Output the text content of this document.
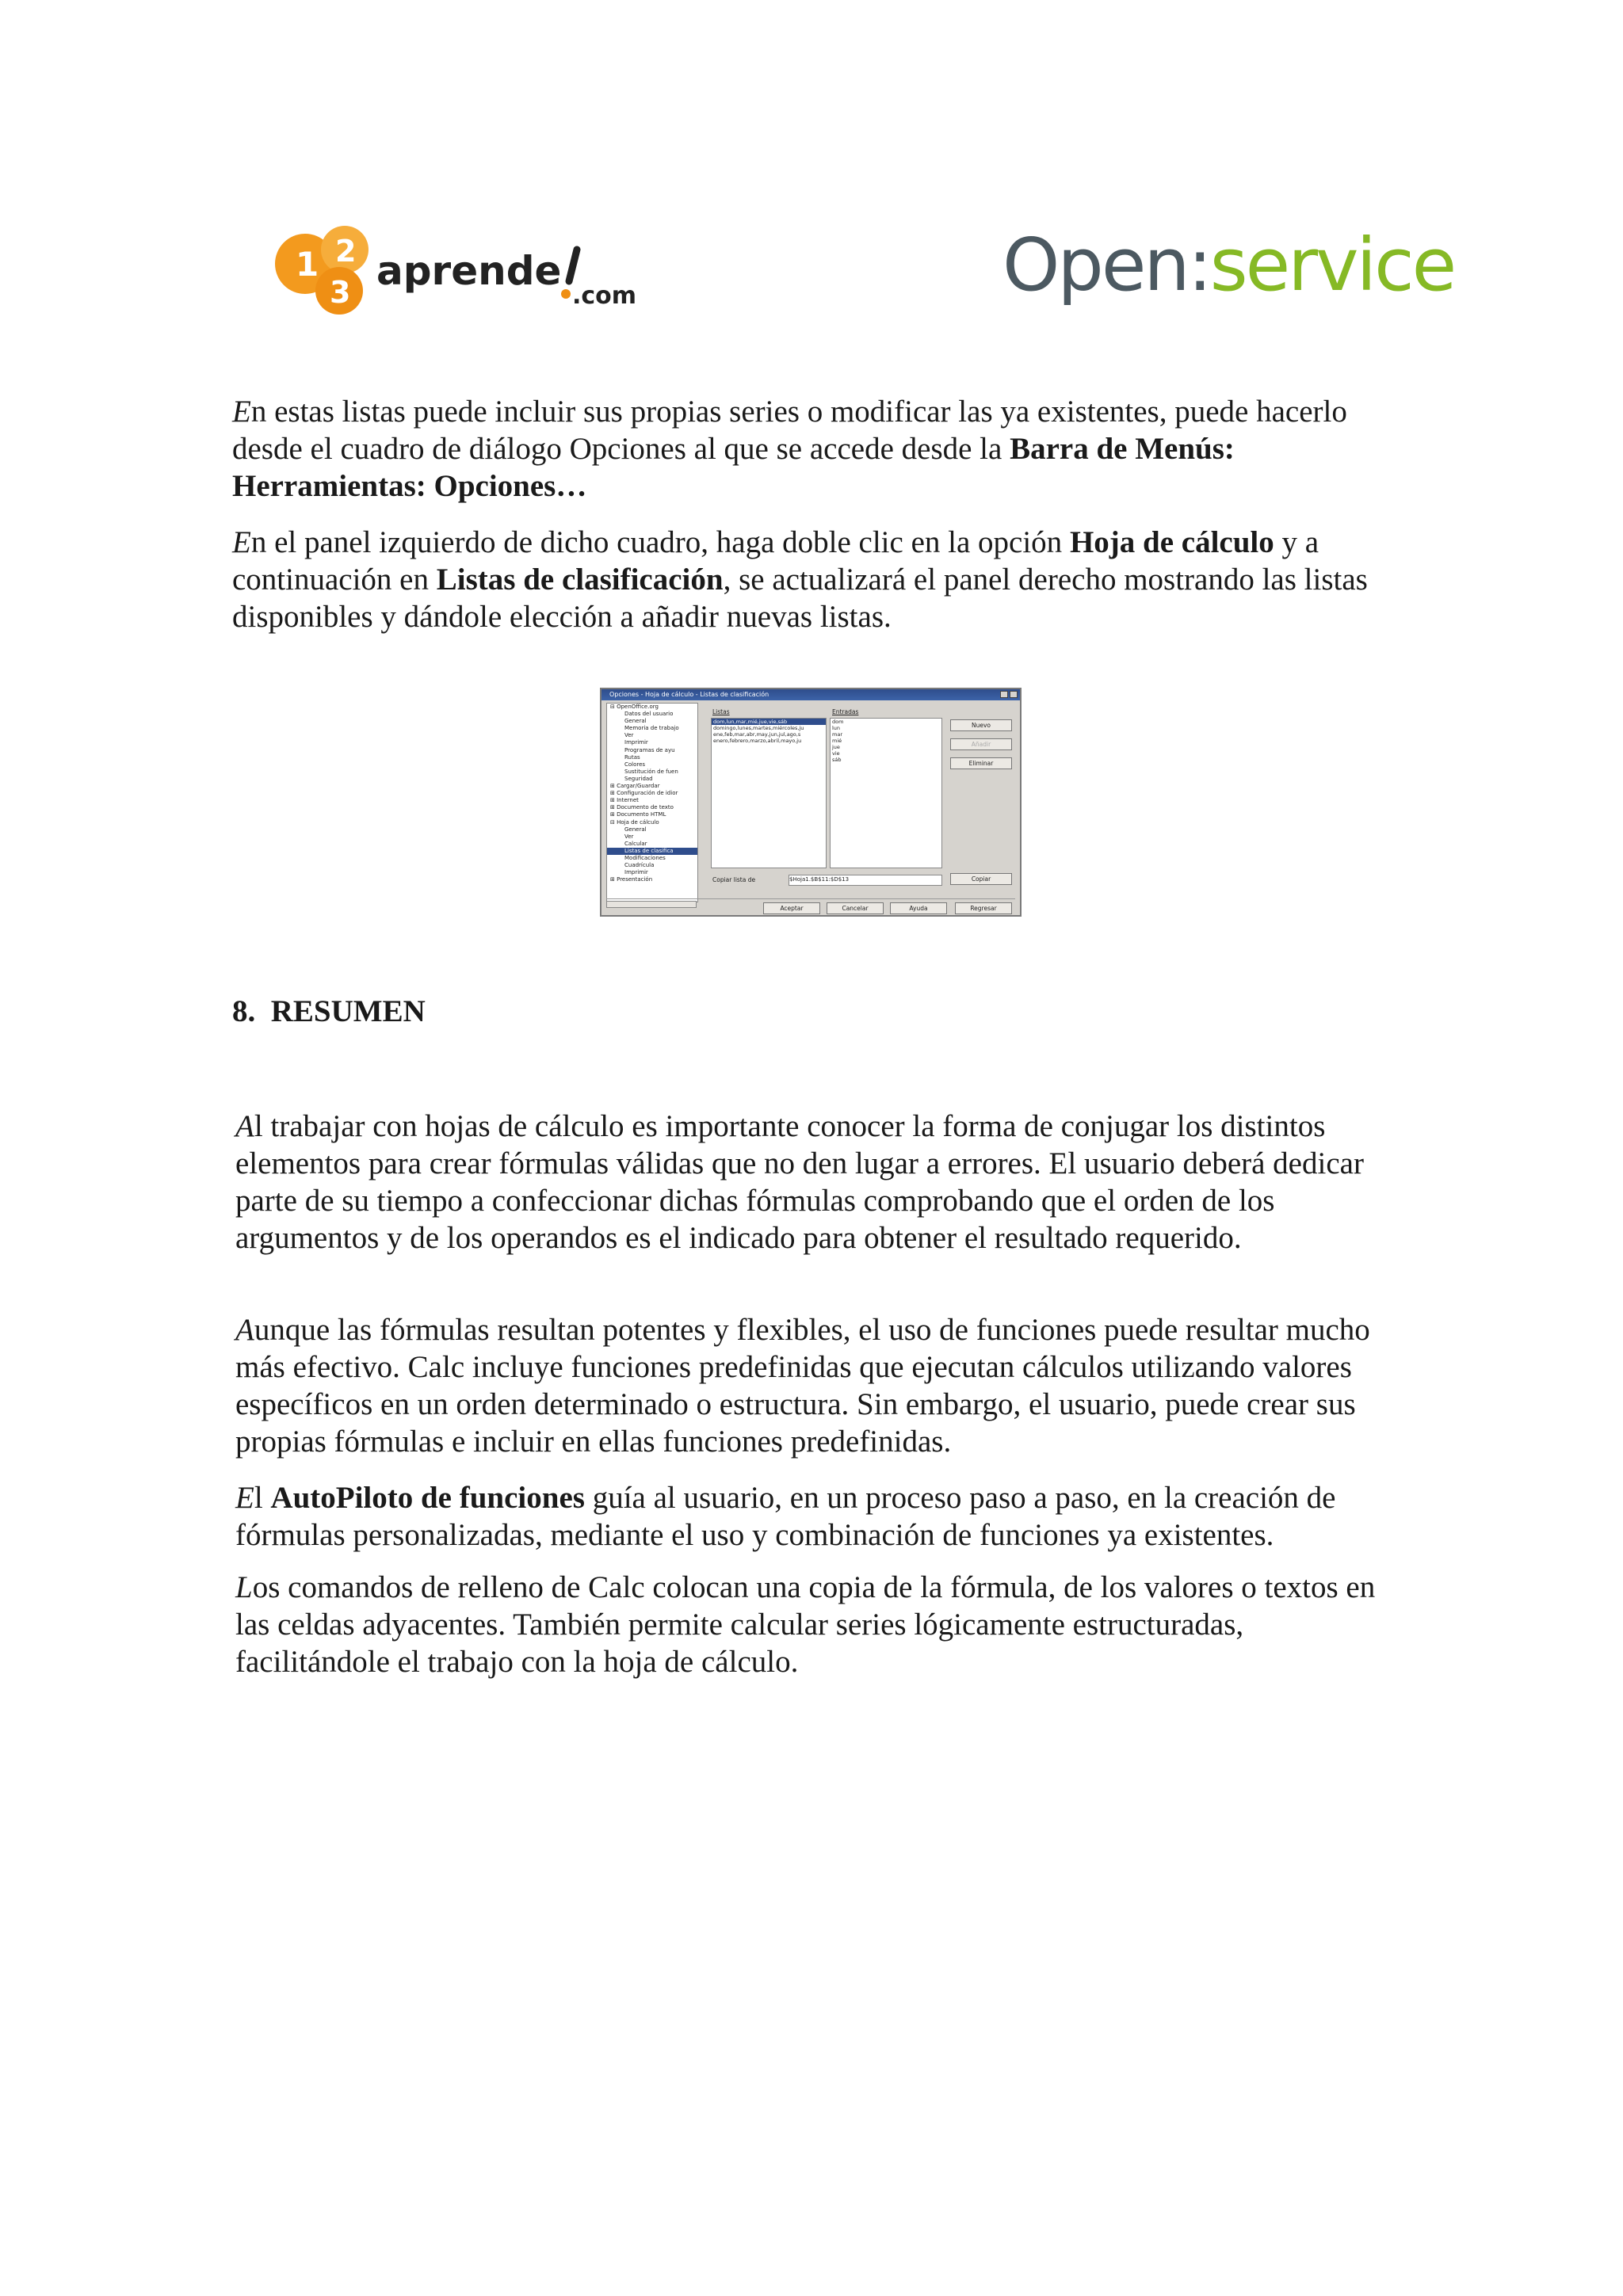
1 2
3 aprende
.com	Open:service

En estas listas puede incluir sus propias series o modificar las ya existentes, puede hacerlo desde el cuadro de diálogo Opciones al que se accede desde la Barra de Menús: Herramientas: Opciones…

En el panel izquierdo de dicho cuadro, haga doble clic en la opción Hoja de cálculo y a continuación en Listas de clasificación, se actualizará el panel derecho mostrando las listas disponibles y dándole elección a añadir nuevas listas.

Opciones - Hoja de cálculo - Listas de clasificación
⊟ OpenOffice.org
Datos del usuario
General
Memoria de trabajo
Ver
Imprimir
Programas de ayu
Rutas
Colores
Sustitución de fuen
Seguridad
⊞ Cargar/Guardar
⊞ Configuración de idior
⊞ Internet
⊞ Documento de texto
⊞ Documento HTML
⊟ Hoja de cálculo
General
Ver
Calcular
Listas de clasifica
Modificaciones
Cuadrícula
Imprimir
⊞ Presentación
Listas	Entradas
dom,lun,mar,mié,jue,vie,sáb
domingo,lunes,martes,miércoles,ju
ene,feb,mar,abr,may,jun,jul,ago,s
enero,febrero,marzo,abril,mayo,ju
dom
lun
mar
mié
jue
vie
sáb
Nuevo
Añadir
Eliminar
Copiar lista de	$Hoja1.$B$11:$D$13	Copiar
Aceptar	Cancelar	Ayuda	Regresar
8. RESUMEN

Al trabajar con hojas de cálculo es importante conocer la forma de conjugar los distintos elementos para crear fórmulas válidas que no den lugar a errores. El usuario deberá dedicar parte de su tiempo a confeccionar dichas fórmulas comprobando que el orden de los argumentos y de los operandos es el indicado para obtener el resultado requerido.

Aunque las fórmulas resultan potentes y flexibles, el uso de funciones puede resultar mucho más efectivo. Calc incluye funciones predefinidas que ejecutan cálculos utilizando valores específicos en un orden determinado o estructura. Sin embargo, el usuario, puede crear sus propias fórmulas e incluir en ellas funciones predefinidas.

El AutoPiloto de funciones guía al usuario, en un proceso paso a paso, en la creación de fórmulas personalizadas, mediante el uso y combinación de funciones ya existentes.

Los comandos de relleno de Calc colocan una copia de la fórmula, de los valores o textos en las celdas adyacentes. También permite calcular series lógicamente estructuradas, facilitándole el trabajo con la hoja de cálculo.
